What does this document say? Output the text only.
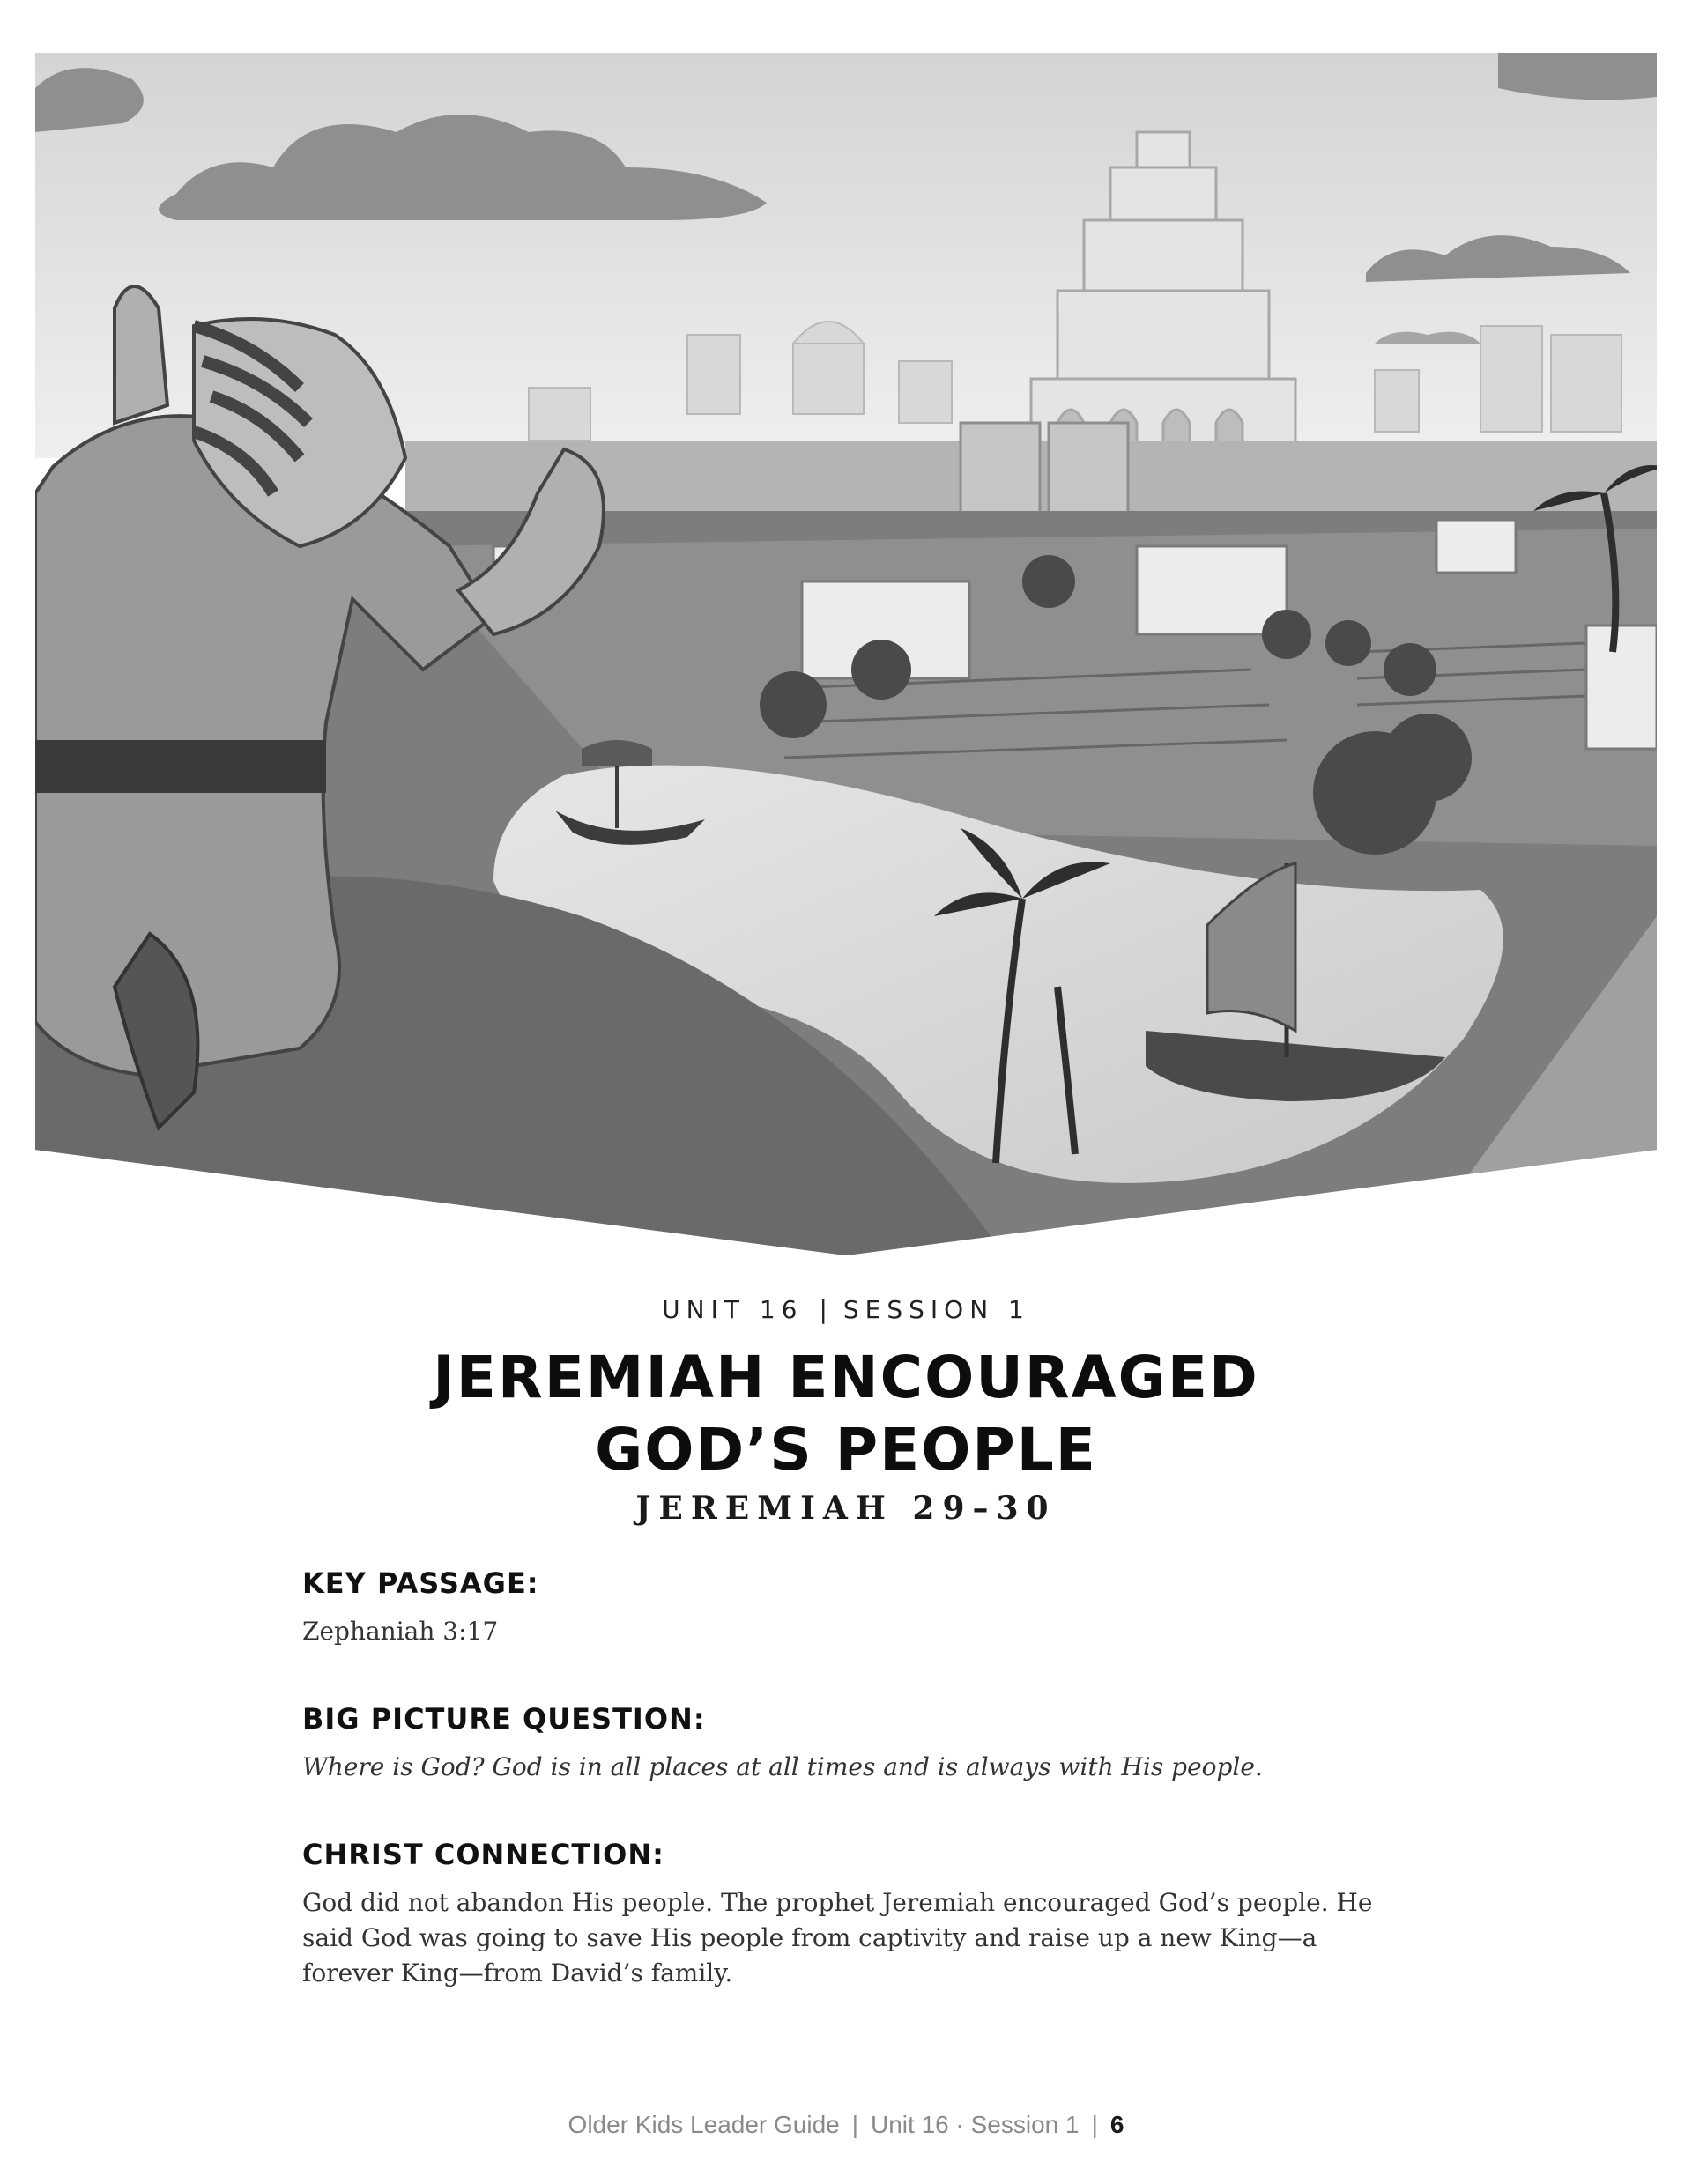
UNIT 16 | SESSION 1

JEREMIAH ENCOURAGED
GOD’S PEOPLE

JEREMIAH 29–30

KEY PASSAGE:

Zephaniah 3:17

BIG PICTURE QUESTION:

Where is God? God is in all places at all times and is always with His people.

CHRIST CONNECTION:

God did not abandon His people. The prophet Jeremiah encouraged God’s people. He said God was going to save His people from captivity and raise up a new King—a forever King—from David’s family.

Older Kids Leader Guide | Unit 16 · Session 1 | 6
